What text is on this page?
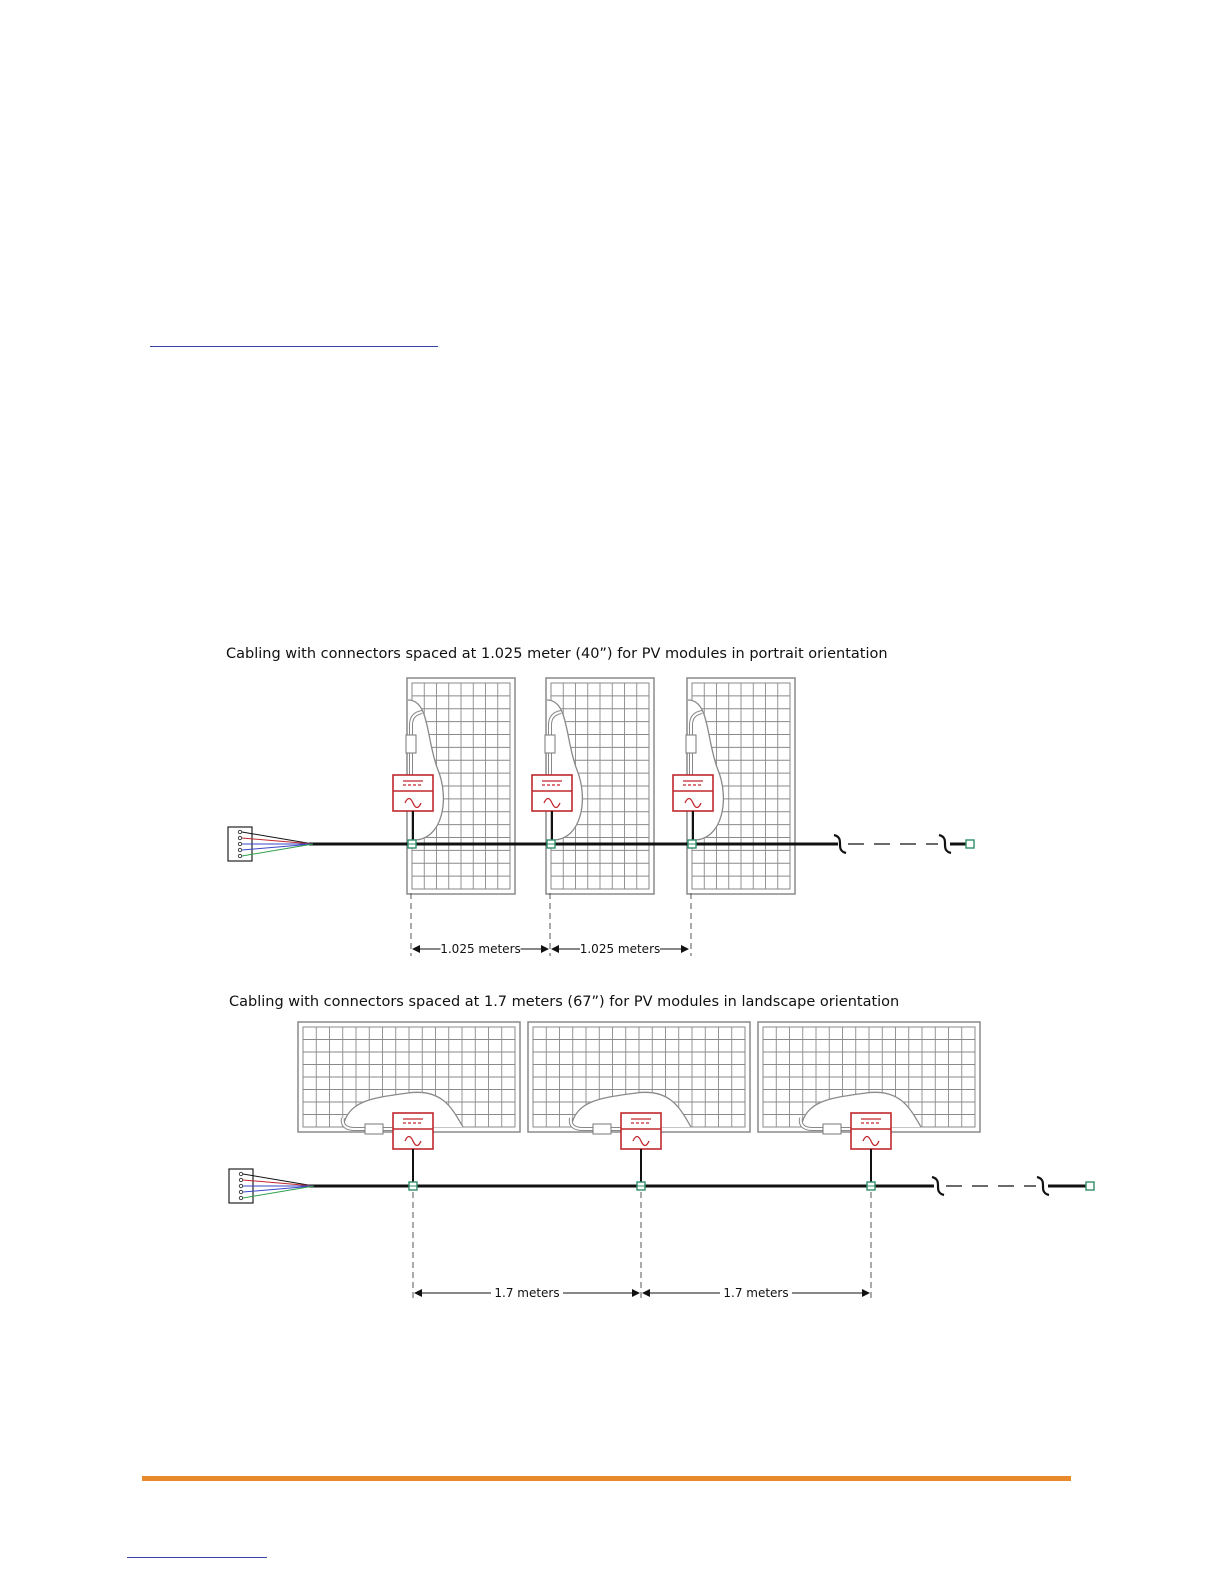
Cabling with connectors spaced at 1.025 meter (40”) for PV modules in portrait orientation
Cabling with connectors spaced at 1.7 meters (67”) for PV modules in landscape orientation
1.025 meters	1.025 meters
1.7 meters	1.7 meters
